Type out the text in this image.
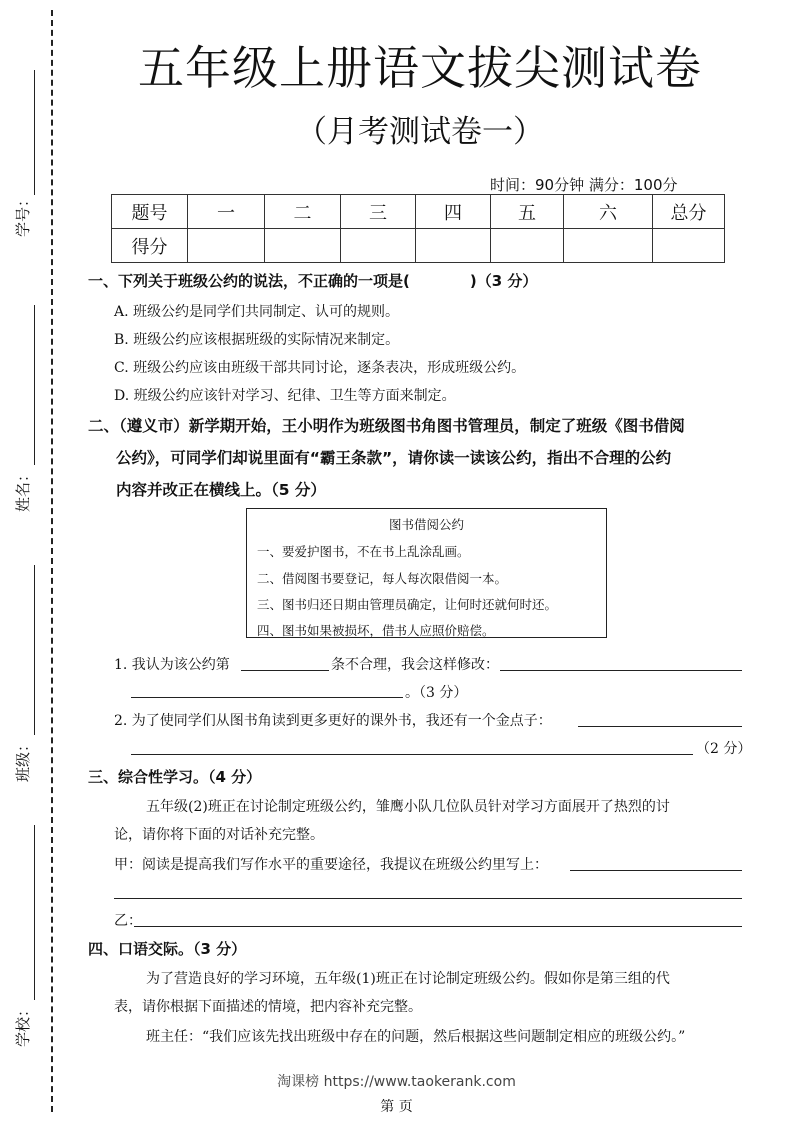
学号：
姓名：
班级：
学校：
五年级上册语文拔尖测试卷
（月考测试卷一）
时间：90分钟 满分：100分
题号	一	二	三	四	五	六	总分
得分							
一、下列关于班级公约的说法，不正确的一项是(	)（3 分）
A. 班级公约是同学们共同制定、认可的规则。
B. 班级公约应该根据班级的实际情况来制定。
C. 班级公约应该由班级干部共同讨论，逐条表决，形成班级公约。
D. 班级公约应该针对学习、纪律、卫生等方面来制定。
二、（遵义市）新学期开始，王小明作为班级图书角图书管理员，制定了班级《图书借阅
公约》，可同学们却说里面有“霸王条款”，请你读一读该公约，指出不合理的公约
内容并改正在横线上。（5 分）
图书借阅公约
一、要爱护图书，不在书上乱涂乱画。
二、借阅图书要登记，每人每次限借阅一本。
三、图书归还日期由管理员确定，让何时还就何时还。
四、图书如果被损坏，借书人应照价赔偿。
1. 我认为该公约第	条不合理，我会这样修改：
。（3 分）
2. 为了使同学们从图书角读到更多更好的课外书，我还有一个金点子：
（2 分）
三、综合性学习。（4 分）
五年级(2)班正在讨论制定班级公约，雏鹰小队几位队员针对学习方面展开了热烈的讨
论，请你将下面的对话补充完整。
甲：阅读是提高我们写作水平的重要途径，我提议在班级公约里写上：
乙：
四、口语交际。（3 分）
为了营造良好的学习环境，五年级(1)班正在讨论制定班级公约。假如你是第三组的代
表，请你根据下面描述的情境，把内容补充完整。
班主任：“我们应该先找出班级中存在的问题，然后根据这些问题制定相应的班级公约。”
淘课榜 https://www.taokerank.com
第 页
